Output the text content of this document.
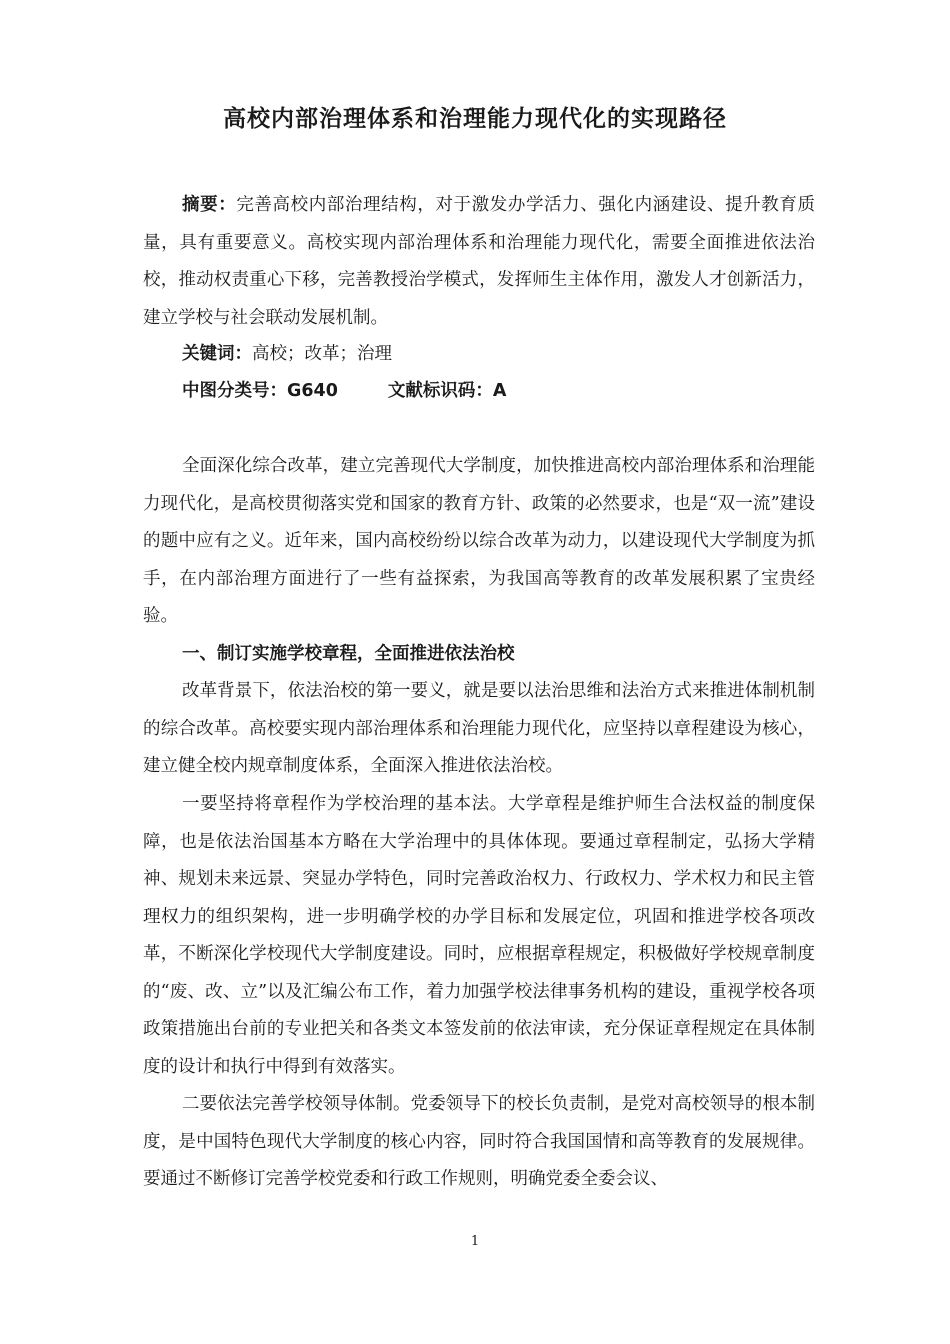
高校内部治理体系和治理能力现代化的实现路径

摘要：完善高校内部治理结构，对于激发办学活力、强化内涵建设、提升教育质量，具有重要意义。高校实现内部治理体系和治理能力现代化，需要全面推进依法治校，推动权责重心下移，完善教授治学模式，发挥师生主体作用，激发人才创新活力，建立学校与社会联动发展机制。

关键词：高校；改革；治理
中图分类号：G640	文献标识码：A

全面深化综合改革，建立完善现代大学制度，加快推进高校内部治理体系和治理能力现代化，是高校贯彻落实党和国家的教育方针、政策的必然要求，也是“双一流”建设的题中应有之义。近年来，国内高校纷纷以综合改革为动力，以建设现代大学制度为抓手，在内部治理方面进行了一些有益探索，为我国高等教育的改革发展积累了宝贵经验。

一、制订实施学校章程，全面推进依法治校

改革背景下，依法治校的第一要义，就是要以法治思维和法治方式来推进体制机制的综合改革。高校要实现内部治理体系和治理能力现代化，应坚持以章程建设为核心，建立健全校内规章制度体系，全面深入推进依法治校。

一要坚持将章程作为学校治理的基本法。大学章程是维护师生合法权益的制度保障，也是依法治国基本方略在大学治理中的具体体现。要通过章程制定，弘扬大学精神、规划未来远景、突显办学特色，同时完善政治权力、行政权力、学术权力和民主管理权力的组织架构，进一步明确学校的办学目标和发展定位，巩固和推进学校各项改革，不断深化学校现代大学制度建设。同时，应根据章程规定，积极做好学校规章制度的“废、改、立”以及汇编公布工作，着力加强学校法律事务机构的建设，重视学校各项政策措施出台前的专业把关和各类文本签发前的依法审读，充分保证章程规定在具体制度的设计和执行中得到有效落实。

二要依法完善学校领导体制。党委领导下的校长负责制，是党对高校领导的根本制度，是中国特色现代大学制度的核心内容，同时符合我国国情和高等教育的发展规律。要通过不断修订完善学校党委和行政工作规则，明确党委全委会议、

1
